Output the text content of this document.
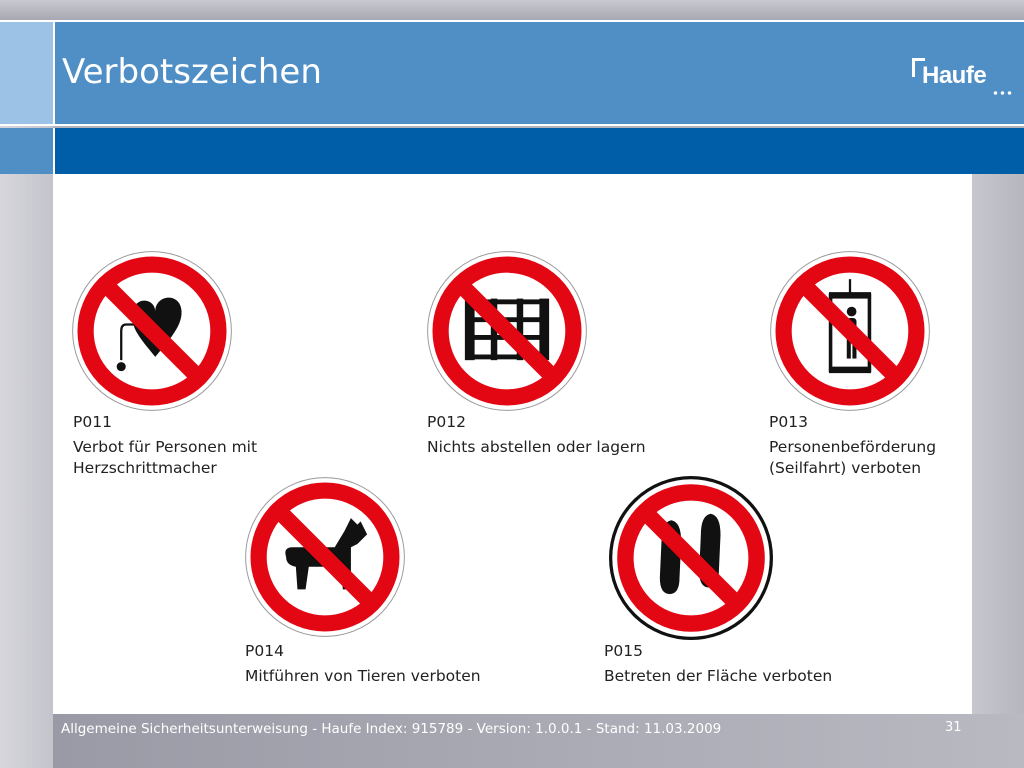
Verbotszeichen	Haufe
P011
Verbot für Personen mit Herzschrittmacher
P012
Nichts abstellen oder lagern
P013
Personenbeförderung (Seilfahrt) verboten
P014
Mitführen von Tieren verboten
P015
Betreten der Fläche verboten
Allgemeine Sicherheitsunterweisung - Haufe Index: 915789 - Version: 1.0.0.1 - Stand: 11.03.2009	31
